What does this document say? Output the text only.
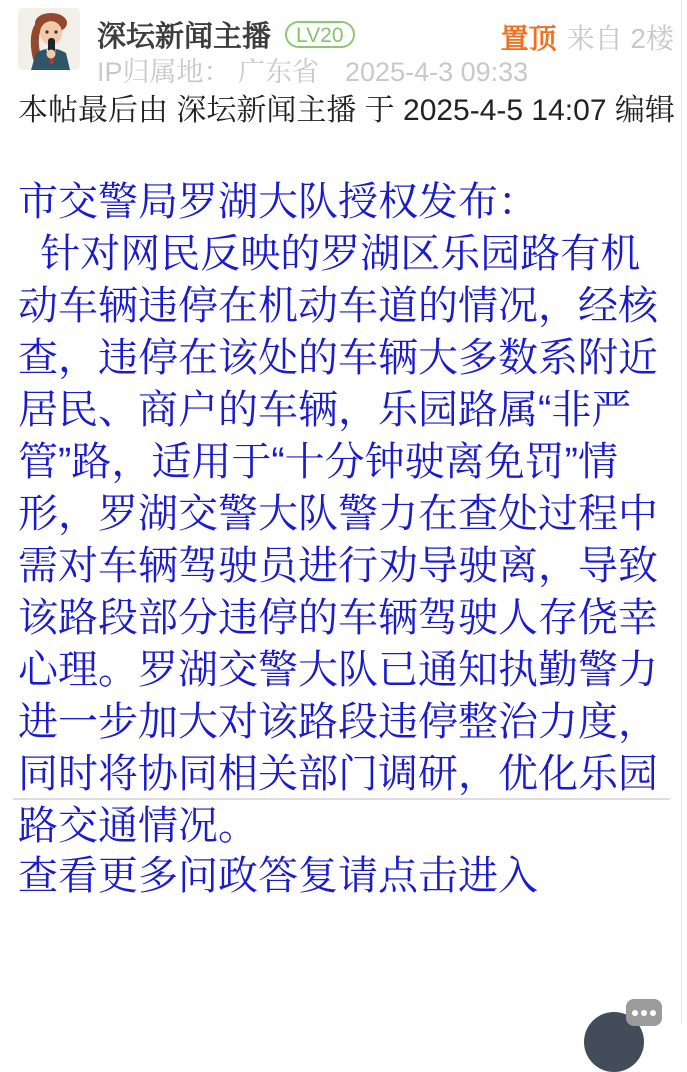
深坛新闻主播	LV20
IP归属地： 广东省 2025-4-3 09:33
置顶 来自 2楼
本帖最后由 深坛新闻主播 于 2025-4-5 14:07 编辑

市交警局罗湖大队授权发布：

针对网民反映的罗湖区乐园路有机动车辆违停在机动车道的情况，经核查，违停在该处的车辆大多数系附近居民、商户的车辆，乐园路属“非严管”路，适用于“十分钟驶离免罚”情形，罗湖交警大队警力在查处过程中需对车辆驾驶员进行劝导驶离，导致该路段部分违停的车辆驾驶人存侥幸心理。罗湖交警大队已通知执勤警力进一步加大对该路段违停整治力度，同时将协同相关部门调研，优化乐园路交通情况。

查看更多问政答复请点击进入
